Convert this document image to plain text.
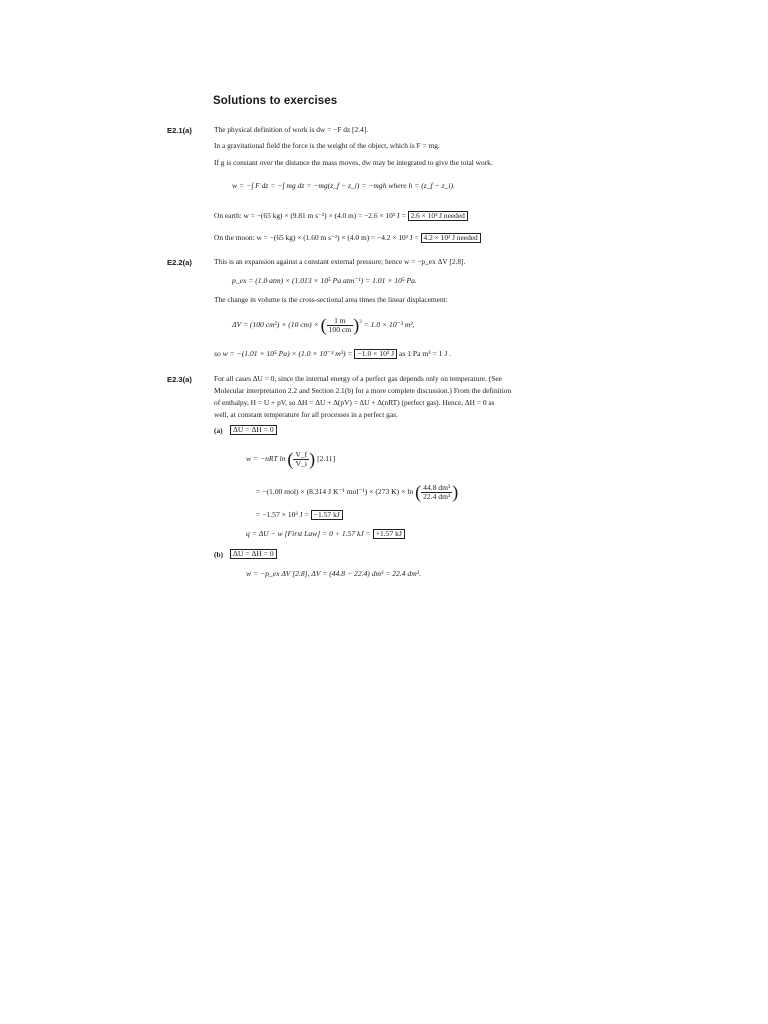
Solutions to exercises
E2.1(a)	The physical definition of work is dw = −F dz [2.4].
In a gravitational field the force is the weight of the object, which is F = mg.
If g is constant over the distance the mass moves, dw may be integrated to give the total work.
w = −∫ F dz = −∫ mg dz = −mg(z_f − z_i) = −mgh where h = (z_f − z_i).
On earth: w = −(65 kg) × (9.81 m s⁻²) × (4.0 m) = −2.6 × 10³ J = 2.6 × 10³ J needed
On the moon: w = −(65 kg) × (1.60 m s⁻²) × (4.0 m) = −4.2 × 10² J = 4.2 × 10² J needed
E2.2(a)	This is an expansion against a constant external pressure; hence w = −p_ex ΔV [2.8].
p_ex = (1.0 atm) × (1.013 × 10⁵ Pa atm⁻¹) = 1.01 × 10⁵ Pa.
The change in volume is the cross-sectional area times the linear displacement:
ΔV = (100 cm²) × (10 cm) × ( $\frac{1 m}{100 cm} )^3 = 1.0 \times 10^{-3}$ m³,
so w = −(1.01 × 10⁵ Pa) × (1.0 × 10⁻³ m³) = −1.0 × 10² J as 1 Pa m³ = 1 J .
E2.3(a)	For all cases ΔU = 0, since the internal energy of a perfect gas depends only on temperature. (See
Molecular interpretation 2.2 and Section 2.1(b) for a more complete discussion.) From the definition
of enthalpy, H = U + pV, so ΔH = ΔU + Δ(pV) = ΔU + Δ(nRT) (perfect gas). Hence, ΔH = 0 as
well, at constant temperature for all processes in a perfect gas.
(a)	ΔU = ΔH = 0
w = −nRT ln ( $\frac{V\_f}{V\_i}$ ) [2.11]
= −(1.00 mol) × (8.314 J K⁻¹ mol⁻¹) × (273 K) × ln ( $\frac{\text{44.8 dm³}}{\text{22.4 dm³}}$ )
= −1.57 × 10³ J = −1.57 kJ
q = ΔU − w [First Law] = 0 + 1.57 kJ = +1.57 kJ
(b)	ΔU = ΔH = 0
w = −p_ex ΔV [2.8], ΔV = (44.8 − 22.4) dm³ = 22.4 dm³.
